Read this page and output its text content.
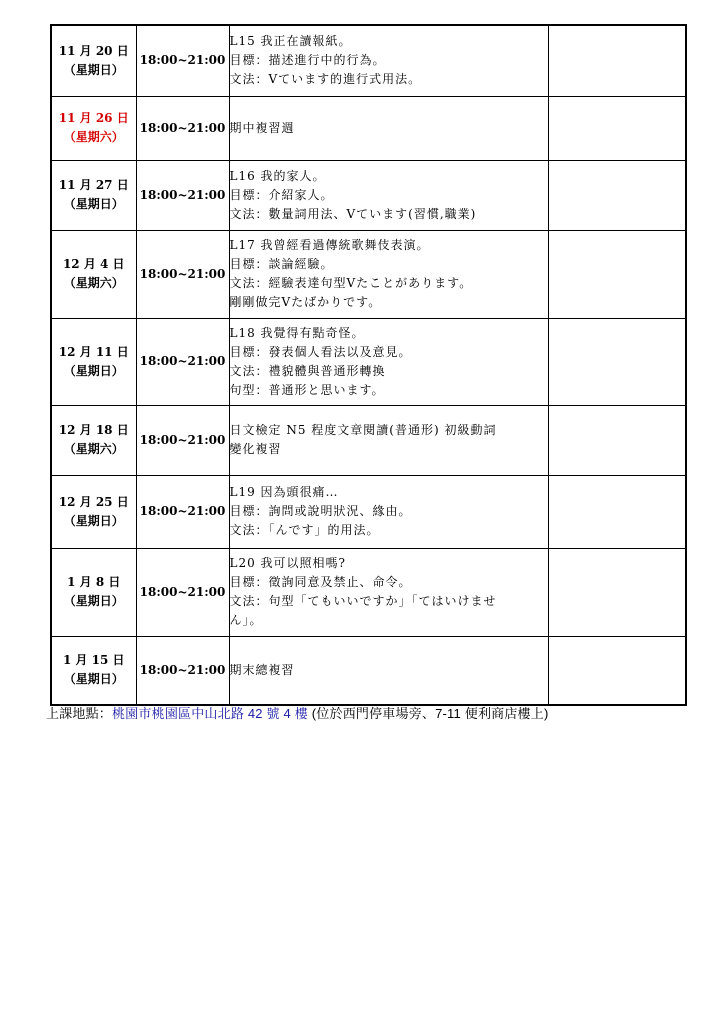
11 月 20 日
（星期日）	18:00~21:00	L15 我正在讀報紙。
目標：描述進行中的行為。
文法：Vています的進行式用法。	

11 月 26 日
（星期六）	18:00~21:00	期中複習週	

11 月 27 日
（星期日）	18:00~21:00	L16 我的家人。
目標：介紹家人。
文法：數量詞用法、Vています(習慣,職業)	

12 月 4 日
（星期六）	18:00~21:00	L17 我曾經看過傳統歌舞伎表演。
目標：談論經驗。
文法：經驗表達句型Vたことがあります。
剛剛做完Vたばかりです。	

12 月 11 日
（星期日）	18:00~21:00	L18 我覺得有點奇怪。
目標：發表個人看法以及意見。
文法：禮貌體與普通形轉換
句型：普通形と思います。	

12 月 18 日
（星期六）	18:00~21:00	日文檢定 N5 程度文章閱讀(普通形) 初級動詞
變化複習	

12 月 25 日
（星期日）	18:00~21:00	L19 因為頭很痛…
目標：詢問或說明狀況、緣由。
文法：「んです」的用法。	

1 月 8 日
（星期日）	18:00~21:00	L20 我可以照相嗎?
目標：徵詢同意及禁止、命令。
文法：句型「てもいいですか」「てはいけませ
ん」。	

1 月 15 日
（星期日）	18:00~21:00	期末總複習	

上課地點：桃園市桃園區中山北路 42 號 4 樓 (位於西門停車場旁、7-11 便利商店樓上)
